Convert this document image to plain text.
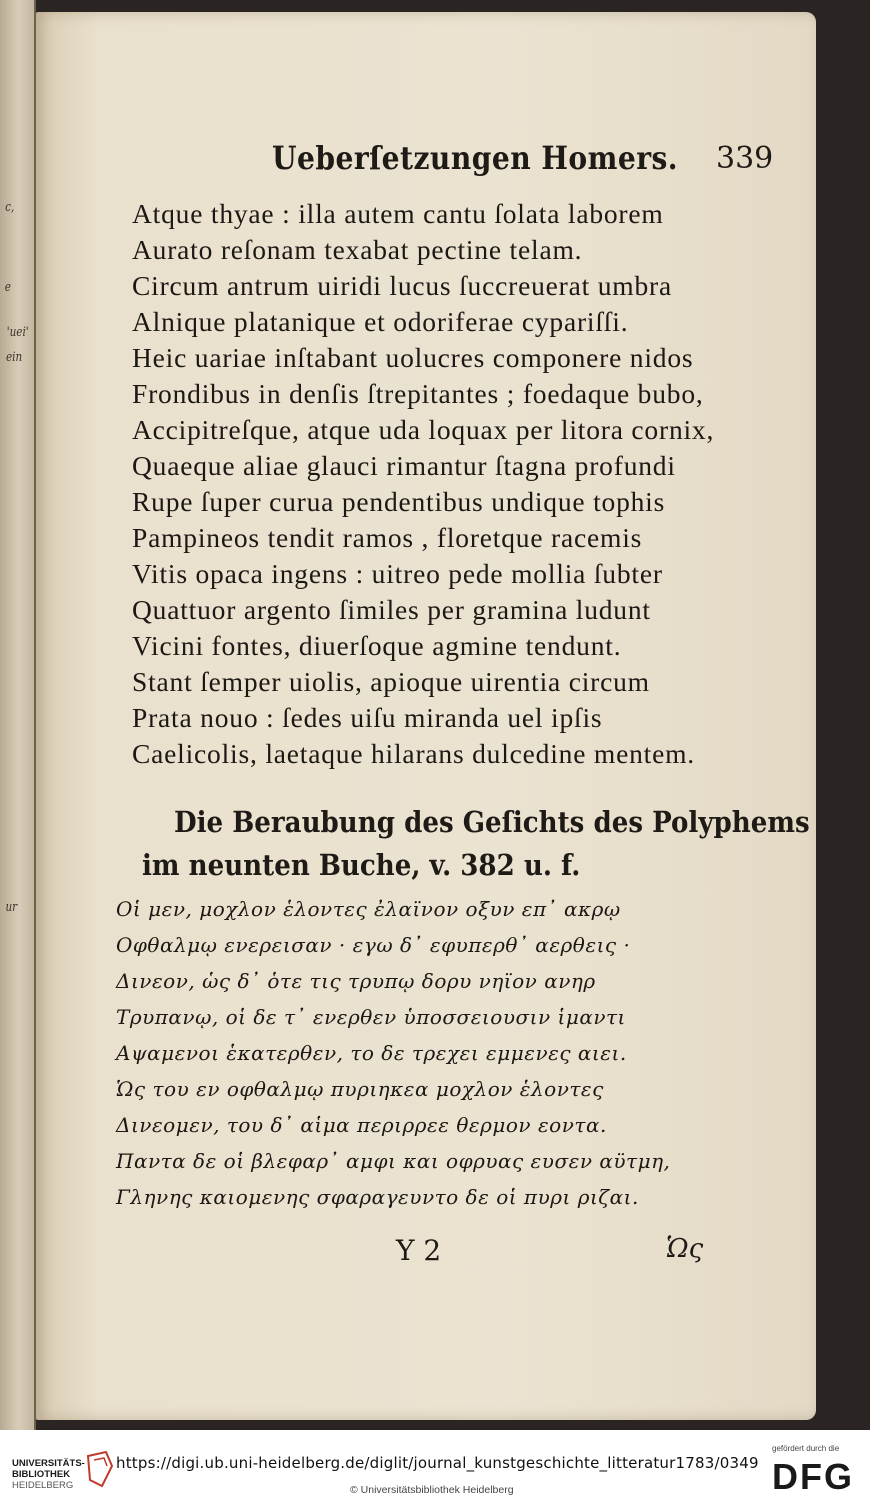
c,
e
'uei'
ein
ur
Ueberſetzungen Homers. 339
Atque thyae : illa autem cantu ſolata laborem
Aurato reſonam texabat pectine telam.
Circum antrum uiridi lucus ſuccreuerat umbra
Alnique platanique et odoriferae cypariſſi.
Heic uariae inſtabant uolucres componere nidos
Frondibus in denſis ſtrepitantes ; foedaque bubo,
Accipitreſque, atque uda loquax per litora cornix,
Quaeque aliae glauci rimantur ſtagna profundi
Rupe ſuper curua pendentibus undique tophis
Pampineos tendit ramos , floretque racemis
Vitis opaca ingens : uitreo pede mollia ſubter
Quattuor argento ſimiles per gramina ludunt
Vicini fontes, diuerſoque agmine tendunt.
Stant ſemper uiolis, apioque uirentia circum
Prata nouo : ſedes uiſu miranda uel ipſis
Caelicolis, laetaque hilarans dulcedine mentem.
Die Beraubung des Geſichts des Polyphems
im neunten Buche, v. 382 u. f.
Οἱ μεν, μοχλον ἑλοντες ἐλαϊνον οξυν επ᾽ ακρῳ
Οφθαλμῳ ενερεισαν · εγω δ᾽ εφυπερθ᾽ αερθεις ·
Δινεον, ὡς δ᾽ ὁτε τις τρυπῳ δορυ νηϊον ανηρ
Τρυπανῳ, οἱ δε τ᾽ ενερθεν ὑποσσειουσιν ἱμαντι
Αψαμενοι ἑκατερθεν, το δε τρεχει εμμενες αιει.
Ὡς του εν οφθαλμῳ πυριηκεα μοχλον ἑλοντες
Δινεομεν, του δ᾽ αἱμα περιρρεε θερμον εοντα.
Παντα δε οἱ βλεφαρ᾽ αμφι και οφρυας ευσεν αϋτμη,
Γληνης καιομενης σφαραγευντο δε οἱ πυρι ριζαι.
Y 2	Ὡς
UNIVERSITÄTS-
BIBLIOTHEK
HEIDELBERG
https://digi.ub.uni-heidelberg.de/diglit/journal_kunstgeschichte_litteratur1783/0349
© Universitätsbibliothek Heidelberg
gefördert durch die
DFG
